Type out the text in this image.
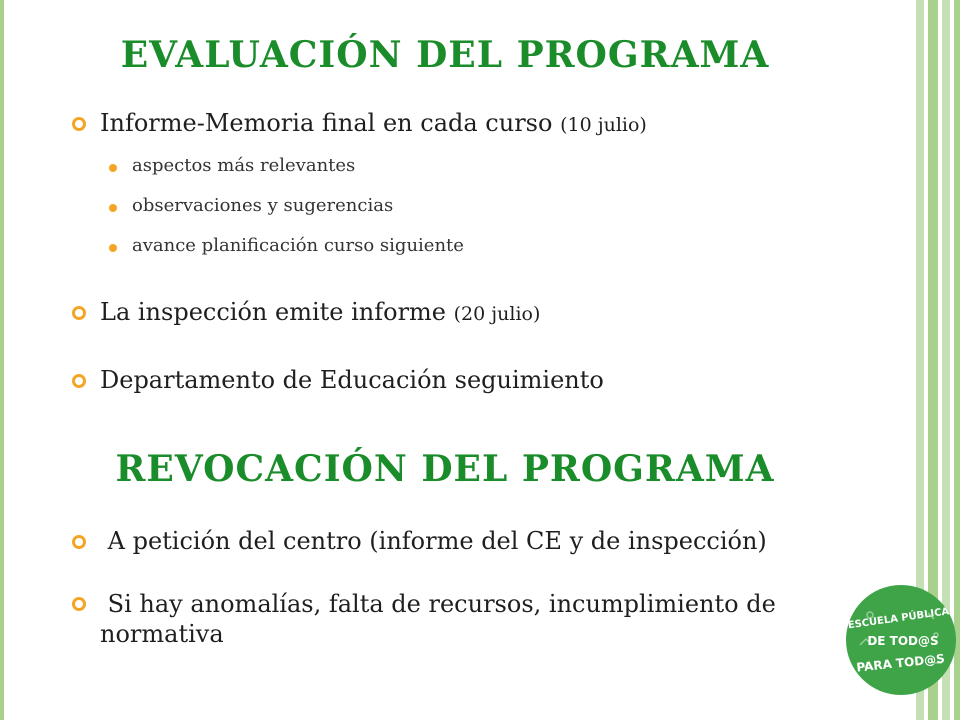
EVALUACIÓN DEL PROGRAMA
Informe-Memoria final en cada curso (10 julio)
aspectos más relevantes
observaciones y sugerencias
avance planificación curso siguiente
La inspección emite informe (20 julio)
Departamento de Educación seguimiento
REVOCACIÓN DEL PROGRAMA
A petición del centro (informe del CE y de inspección)
Si hay anomalías, falta de recursos, incumplimiento de normativa
ESCUELA PÚBLICA:
DE TOD@S
PARA TOD@S
